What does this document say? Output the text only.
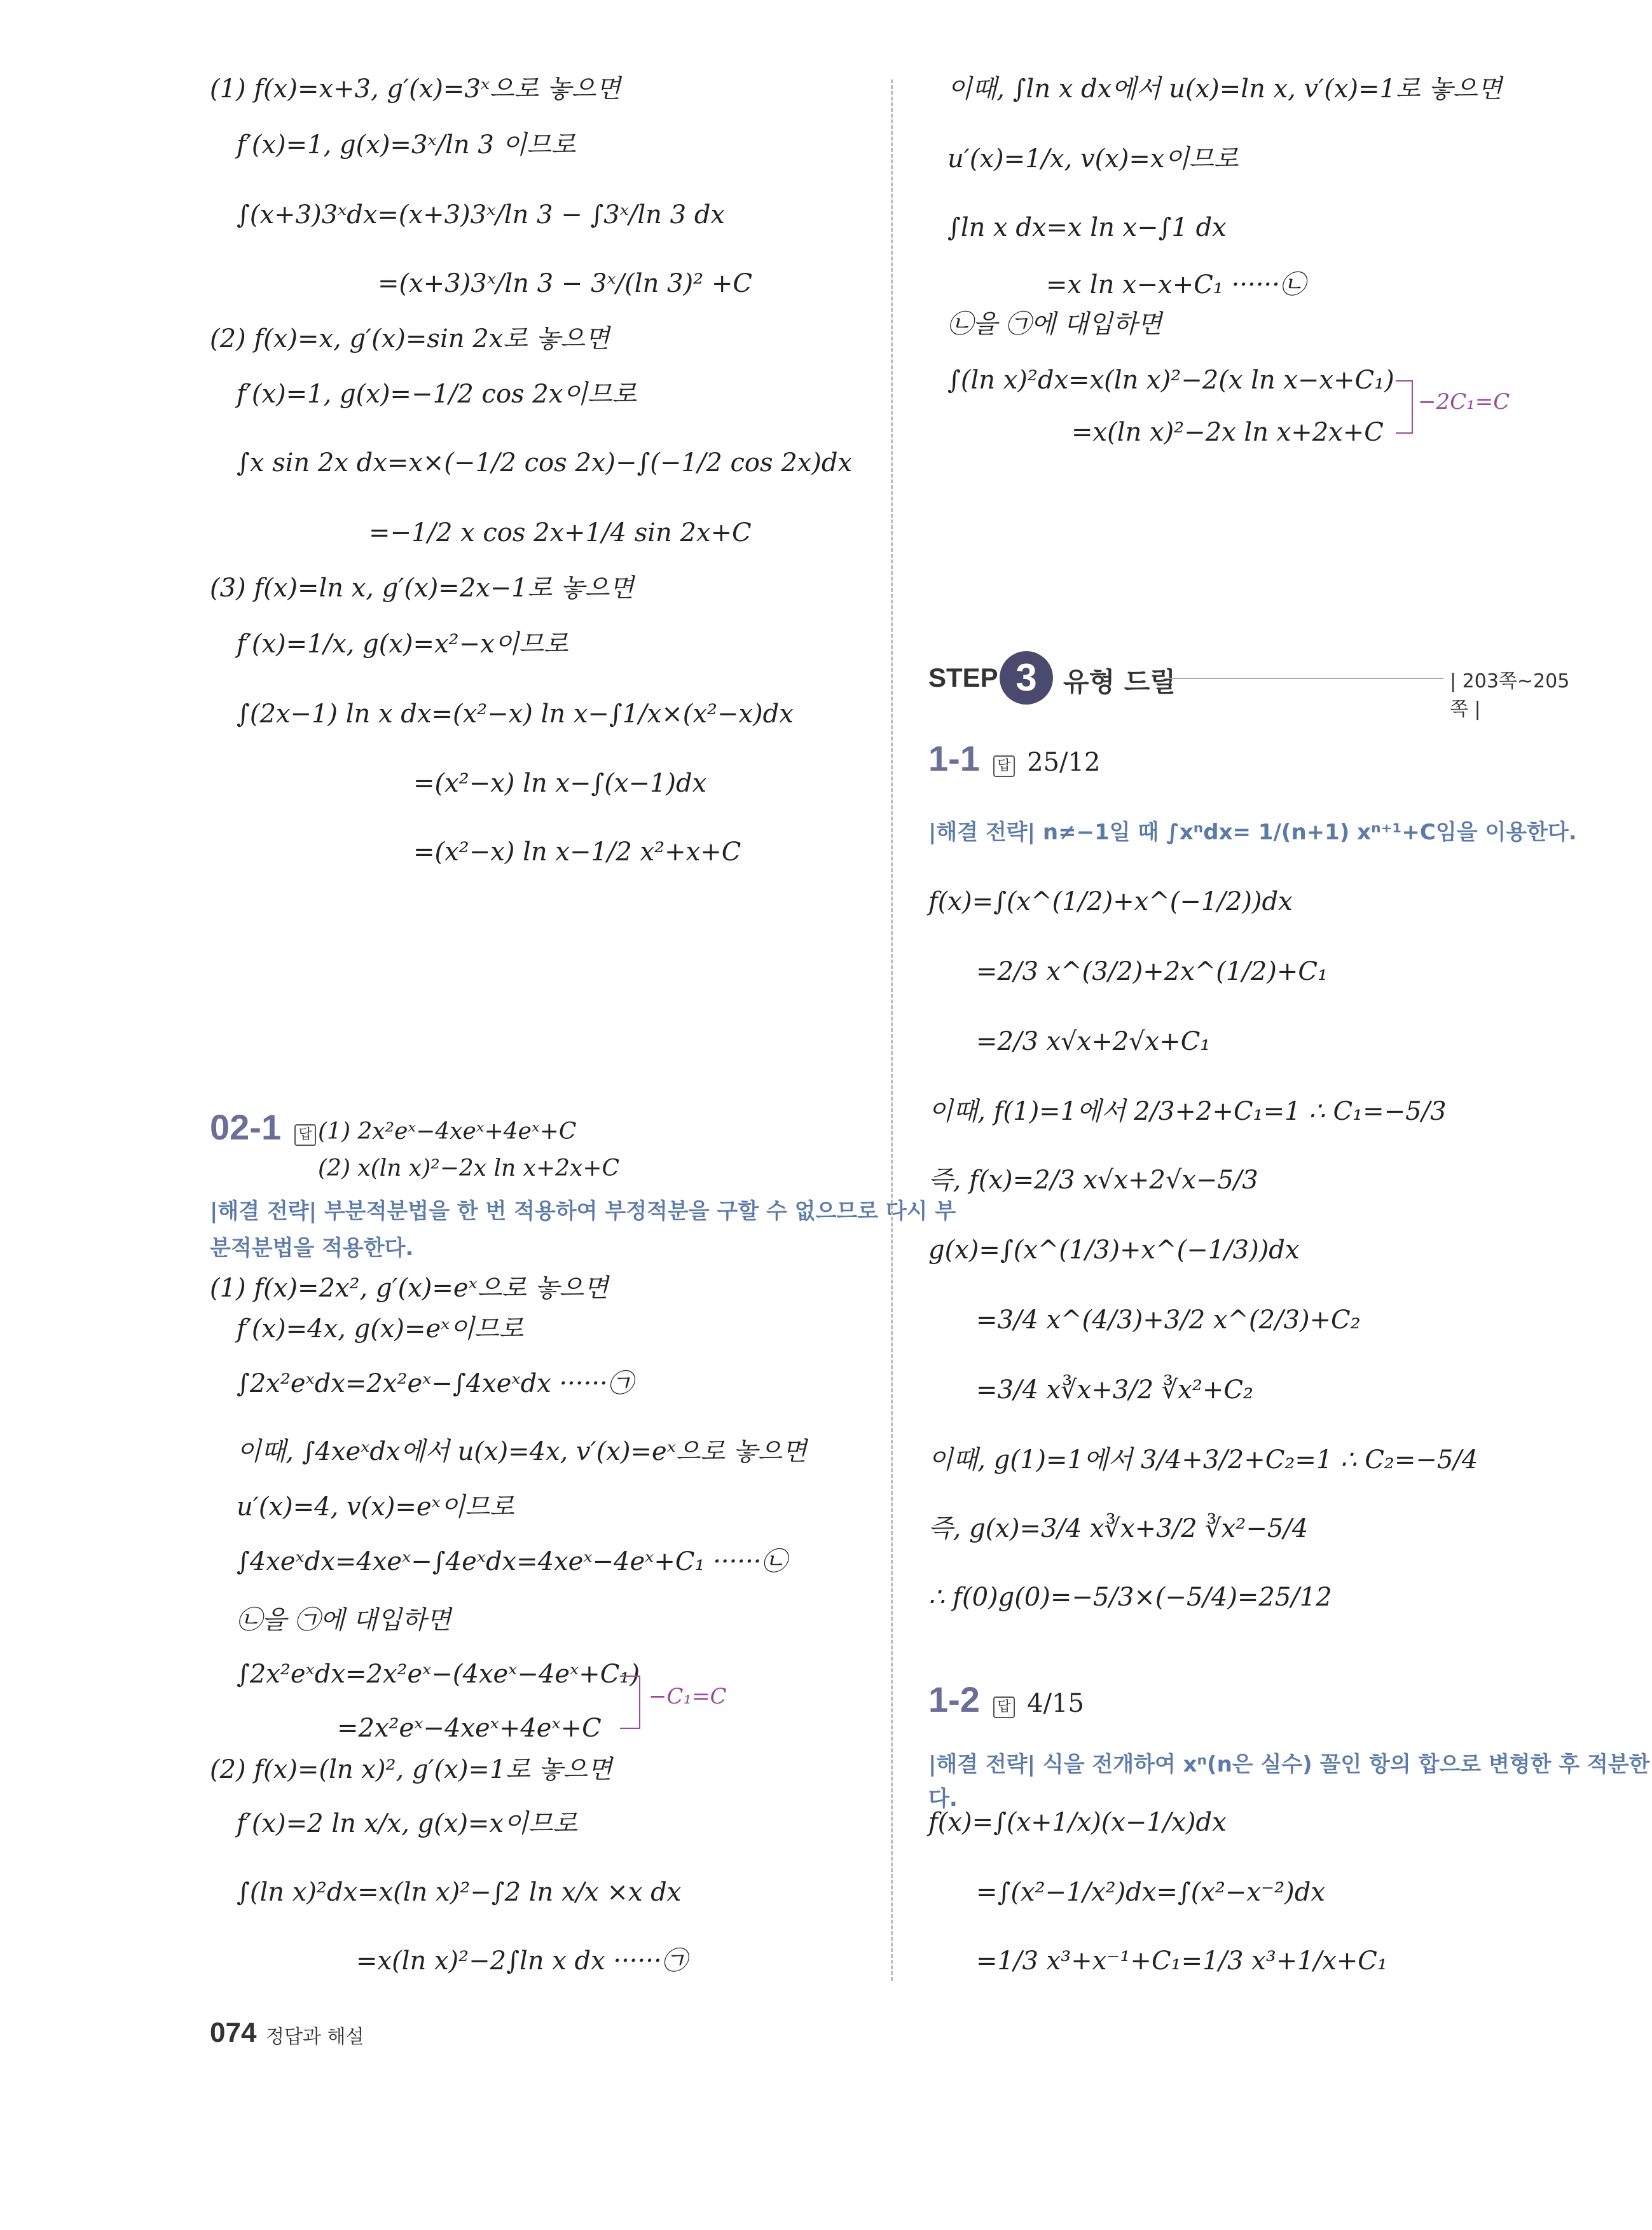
(1) f(x)=x+3, g′(x)=3ˣ으로 놓으면
f′(x)=1, g(x)=3ˣ/ln 3 이므로
∫(x+3)3ˣdx=(x+3)3ˣ/ln 3 − ∫3ˣ/ln 3 dx
=(x+3)3ˣ/ln 3 − 3ˣ/(ln 3)² +C
(2) f(x)=x, g′(x)=sin 2x로 놓으면
f′(x)=1, g(x)=−1/2 cos 2x이므로
∫x sin 2x dx=x×(−1/2 cos 2x)−∫(−1/2 cos 2x)dx
=−1/2 x cos 2x+1/4 sin 2x+C
(3) f(x)=ln x, g′(x)=2x−1로 놓으면
f′(x)=1/x, g(x)=x²−x이므로
∫(2x−1) ln x dx=(x²−x) ln x−∫1/x×(x²−x)dx
=(x²−x) ln x−∫(x−1)dx
=(x²−x) ln x−1/2 x²+x+C
02-1 답 (1) 2x²eˣ−4xeˣ+4eˣ+C
(2) x(ln x)²−2x ln x+2x+C
|해결 전략| 부분적분법을 한 번 적용하여 부정적분을 구할 수 없으므로 다시 부
분적분법을 적용한다.
(1) f(x)=2x², g′(x)=eˣ으로 놓으면
f′(x)=4x, g(x)=eˣ이므로
∫2x²eˣdx=2x²eˣ−∫4xeˣdx ······㉠
이때, ∫4xeˣdx에서 u(x)=4x, v′(x)=eˣ으로 놓으면
u′(x)=4, v(x)=eˣ이므로
∫4xeˣdx=4xeˣ−∫4eˣdx=4xeˣ−4eˣ+C₁ ······㉡
㉡을 ㉠에 대입하면
∫2x²eˣdx=2x²eˣ−(4xeˣ−4eˣ+C₁)
=2x²eˣ−4xeˣ+4eˣ+C
(2) f(x)=(ln x)², g′(x)=1로 놓으면
f′(x)=2 ln x/x, g(x)=x이므로
∫(ln x)²dx=x(ln x)²−∫2 ln x/x ×x dx
=x(ln x)²−2∫ln x dx ······㉠
−C₁=C
이때, ∫ln x dx에서 u(x)=ln x, v′(x)=1로 놓으면
u′(x)=1/x, v(x)=x이므로
∫ln x dx=x ln x−∫1 dx
=x ln x−x+C₁ ······㉡
㉡을 ㉠에 대입하면
∫(ln x)²dx=x(ln x)²−2(x ln x−x+C₁)
=x(ln x)²−2x ln x+2x+C
−2C₁=C
STEP 3 유형 드릴	| 203쪽~205쪽 |
1-1 답 25/12
|해결 전략| n≠−1일 때 ∫xⁿdx= 1/(n+1) xⁿ⁺¹+C임을 이용한다.
f(x)=∫(x^(1/2)+x^(−1/2))dx
=2/3 x^(3/2)+2x^(1/2)+C₁
=2/3 x√x+2√x+C₁
이때, f(1)=1에서 2/3+2+C₁=1 ∴ C₁=−5/3
즉, f(x)=2/3 x√x+2√x−5/3
g(x)=∫(x^(1/3)+x^(−1/3))dx
=3/4 x^(4/3)+3/2 x^(2/3)+C₂
=3/4 x∛x+3/2 ∛x²+C₂
이때, g(1)=1에서 3/4+3/2+C₂=1 ∴ C₂=−5/4
즉, g(x)=3/4 x∛x+3/2 ∛x²−5/4
∴ f(0)g(0)=−5/3×(−5/4)=25/12
1-2 답 4/15
|해결 전략| 식을 전개하여 xⁿ(n은 실수) 꼴인 항의 합으로 변형한 후 적분한다.
f(x)=∫(x+1/x)(x−1/x)dx
=∫(x²−1/x²)dx=∫(x²−x⁻²)dx
=1/3 x³+x⁻¹+C₁=1/3 x³+1/x+C₁
074 정답과 해설
